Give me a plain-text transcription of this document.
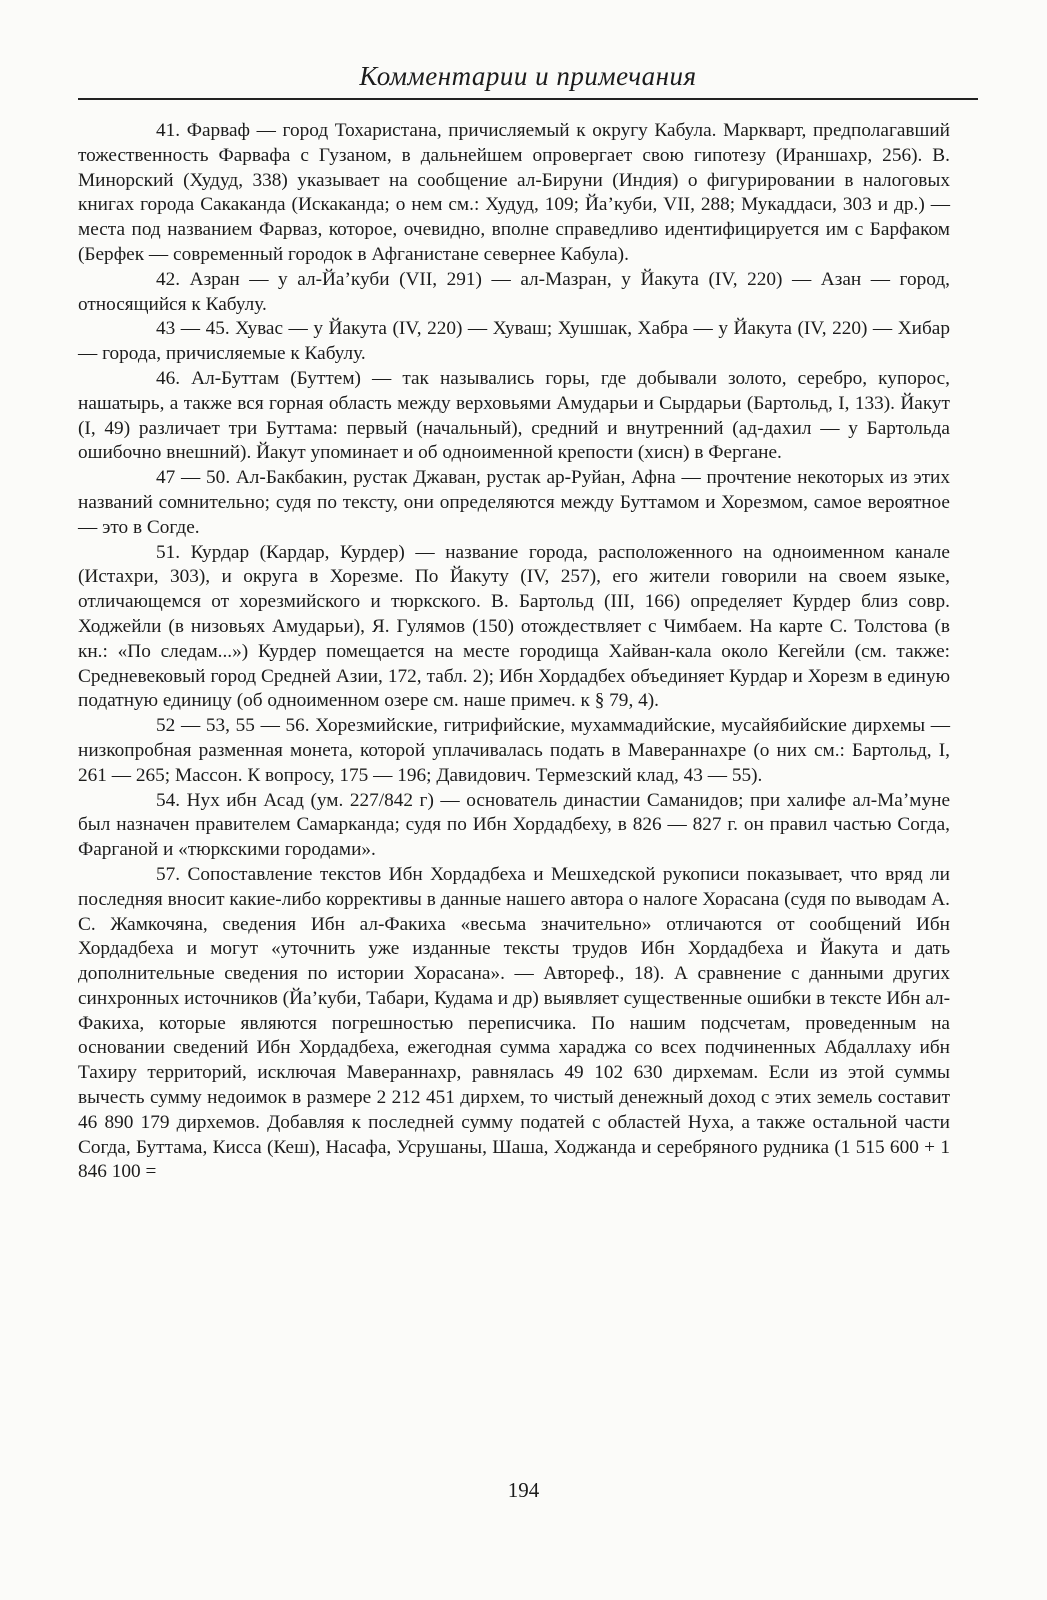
Комментарии и примечания

41. Фарваф — город Тохаристана, причисляемый к округу Кабула. Маркварт, предполагавший тожественность Фарвафа с Гузаном, в дальнейшем опровергает свою гипотезу (Ираншахр, 256). В. Минорский (Худуд, 338) указывает на сообщение ал-Бируни (Индия) о фигурировании в налоговых книгах города Сакаканда (Искаканда; о нем см.: Худуд, 109; Йа’куби, VII, 288; Мукаддаси, 303 и др.) — места под названием Фарваз, которое, очевидно, вполне справедливо идентифицируется им с Барфаком (Берфек — современный городок в Афганистане севернее Кабула).

42. Азран — у ал-Йа’куби (VII, 291) — ал-Мазран, у Йакута (IV, 220) — Азан — город, относящийся к Кабулу.

43 — 45. Хувас — у Йакута (IV, 220) — Хуваш; Хушшак, Хабра — у Йакута (IV, 220) — Хибар — города, причисляемые к Кабулу.

46. Ал-Буттам (Буттем) — так назывались горы, где добывали золото, серебро, купорос, нашатырь, а также вся горная область между верховьями Амударьи и Сырдарьи (Бартольд, I, 133). Йакут (I, 49) различает три Буттама: первый (начальный), средний и внутренний (ад-дахил — у Бартольда ошибочно внешний). Йакут упоминает и об одноименной крепости (хисн) в Фергане.

47 — 50. Ал-Бакбакин, рустак Джаван, рустак ар-Руйан, Афна — прочтение некоторых из этих названий сомнительно; судя по тексту, они определяются между Буттамом и Хорезмом, самое вероятное — это в Согде.

51. Курдар (Кардар, Курдер) — название города, расположенного на одноименном канале (Истахри, 303), и округа в Хорезме. По Йакуту (IV, 257), его жители говорили на своем языке, отличающемся от хорезмийского и тюркского. В. Бартольд (III, 166) определяет Курдер близ совр. Ходжейли (в низовьях Амударьи), Я. Гулямов (150) отождествляет с Чимбаем. На карте С. Толстова (в кн.: «По следам...») Курдер помещается на месте городища Хайван-кала около Кегейли (см. также: Средневековый город Средней Азии, 172, табл. 2); Ибн Хордадбех объединяет Курдар и Хорезм в единую податную единицу (об одноименном озере см. наше примеч. к § 79, 4).

52 — 53, 55 — 56. Хорезмийские, гитрифийские, мухаммадийские, мусайябийские дирхемы — низкопробная разменная монета, которой уплачивалась подать в Мавераннахре (о них см.: Бартольд, I, 261 — 265; Массон. К вопросу, 175 — 196; Давидович. Термезский клад, 43 — 55).

54. Нух ибн Асад (ум. 227/842 г) — основатель династии Саманидов; при халифе ал-Ма’муне был назначен правителем Самарканда; судя по Ибн Хордадбеху, в 826 — 827 г. он правил частью Согда, Фарганой и «тюркскими городами».

57. Сопоставление текстов Ибн Хордадбеха и Мешхедской рукописи показывает, что вряд ли последняя вносит какие-либо коррективы в данные нашего автора о налоге Хорасана (судя по выводам А. С. Жамкочяна, сведения Ибн ал-Факиха «весьма значительно» отличаются от сообщений Ибн Хордадбеха и могут «уточнить уже изданные тексты трудов Ибн Хордадбеха и Йакута и дать дополнительные сведения по истории Хорасана». — Автореф., 18). А сравнение с данными других синхронных источников (Йа’куби, Табари, Кудама и др) выявляет существенные ошибки в тексте Ибн ал-Факиха, которые являются погрешностью переписчика. По нашим подсчетам, проведенным на основании сведений Ибн Хордадбеха, ежегодная сумма хараджа со всех подчиненных Абдаллаху ибн Тахиру территорий, исключая Мавераннахр, равнялась 49 102 630 дирхемам. Если из этой суммы вычесть сумму недоимок в размере 2 212 451 дирхем, то чистый денежный доход с этих земель составит 46 890 179 дирхемов. Добавляя к последней сумму податей с областей Нуха, а также остальной части Согда, Буттама, Кисса (Кеш), Насафа, Усрушаны, Шаша, Ходжанда и серебряного рудника (1 515 600 + 1 846 100 =

194
